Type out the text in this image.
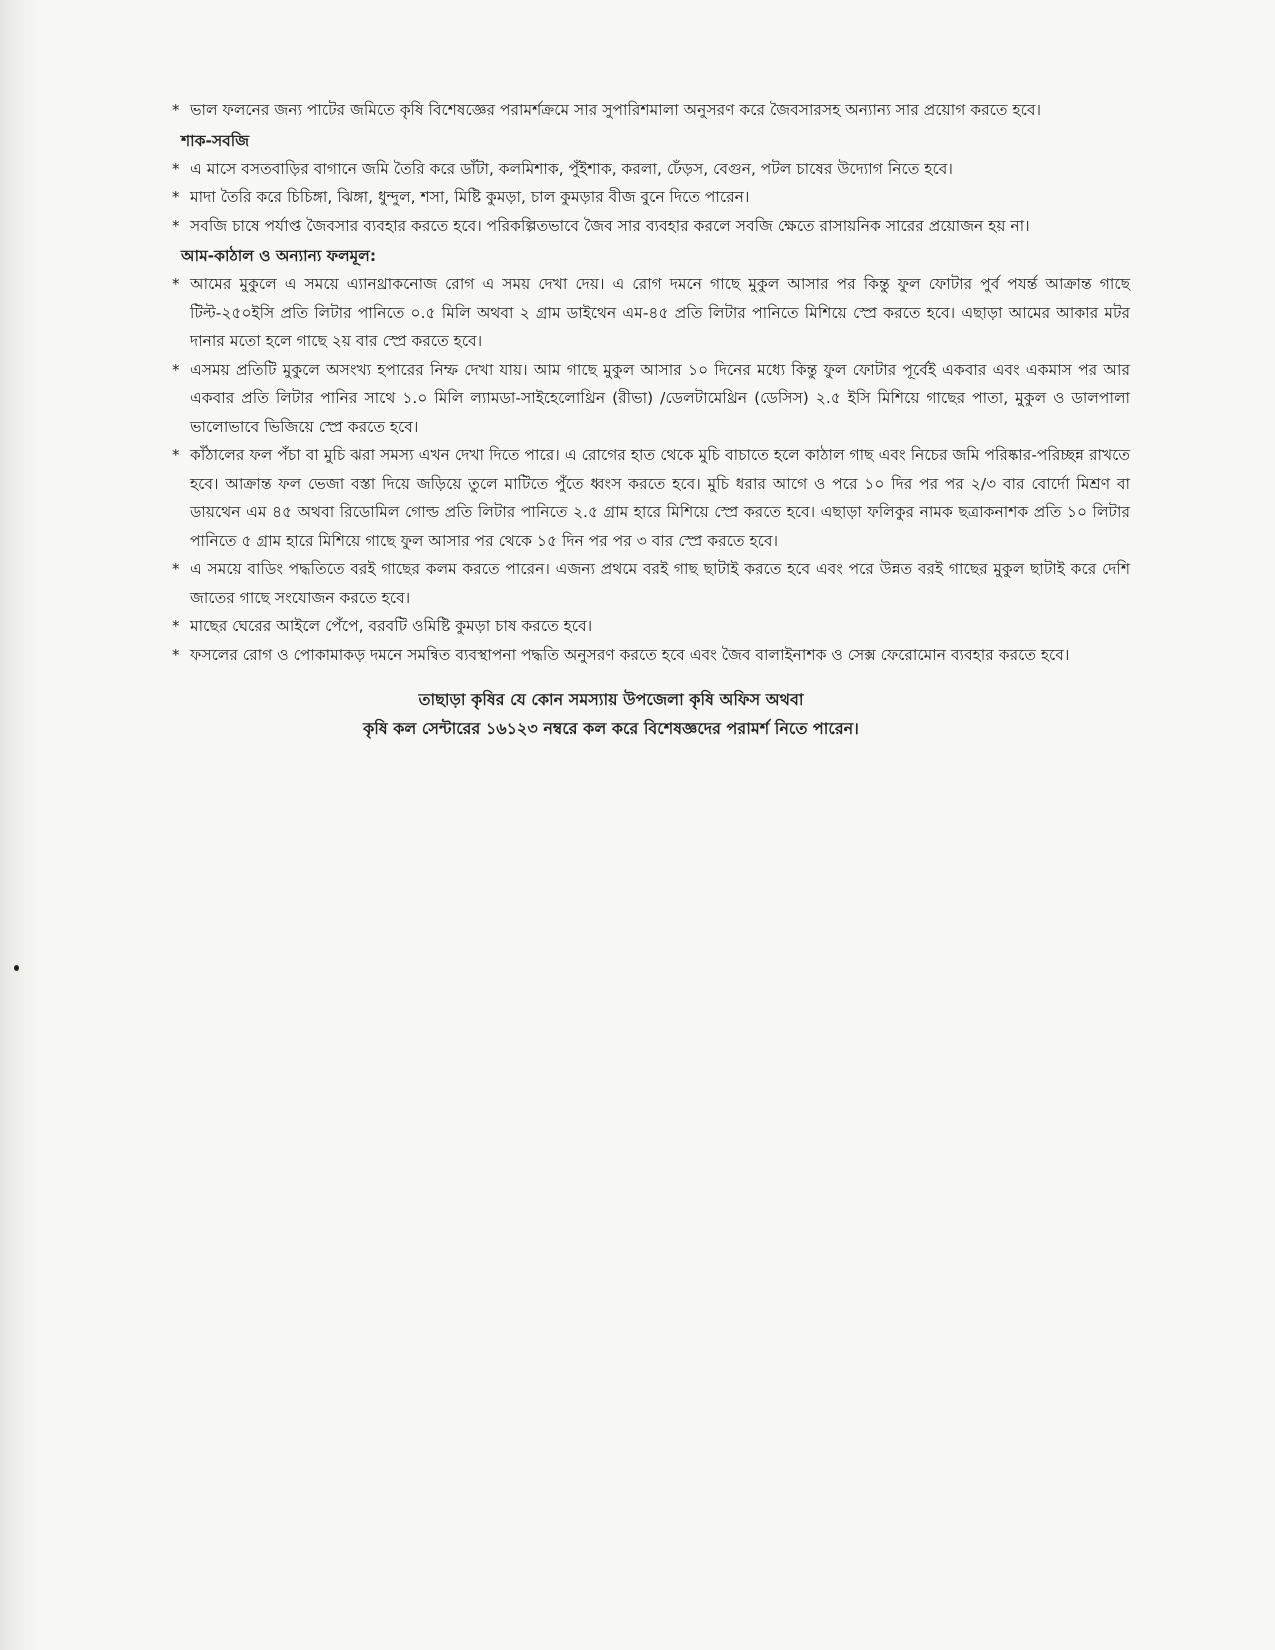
* ভাল ফলনের জন্য পাটের জমিতে কৃষি বিশেষজ্ঞের পরামর্শক্রমে সার সুপারিশমালা অনুসরণ করে জৈবসারসহ অন্যান্য সার প্রয়োগ করতে হবে।

শাক-সবজি

* এ মাসে বসতবাড়ির বাগানে জমি তৈরি করে ডাঁটা, কলমিশাক, পুঁইশাক, করলা, ঢেঁড়স, বেগুন, পটল চাষের উদ্যোগ নিতে হবে।

* মাদা তৈরি করে চিচিঙ্গা, ঝিঙ্গা, ধুন্দুল, শসা, মিষ্টি কুমড়া, চাল কুমড়ার বীজ বুনে দিতে পারেন।

* সবজি চাষে পর্যাপ্ত জৈবসার ব্যবহার করতে হবে। পরিকল্পিতভাবে জৈব সার ব্যবহার করলে সবজি ক্ষেতে রাসায়নিক সারের প্রয়োজন হয় না।

আম-কাঠাল ও অন্যান্য ফলমূল:

* আমের মুকুলে এ সময়ে এ্যানথ্রাকনোজ রোগ এ সময় দেখা দেয়। এ রোগ দমনে গাছে মুকুল আসার পর কিন্তু ফুল ফোটার পুর্ব পযর্ন্ত আক্রান্ত গাছে টিল্ট-২৫০ইসি প্রতি লিটার পানিতে ০.৫ মিলি অথবা ২ গ্রাম ডাইথেন এম-৪৫ প্রতি লিটার পানিতে মিশিয়ে স্প্রে করতে হবে। এছাড়া আমের আকার মটর দানার মতো হলে গাছে ২য় বার স্প্রে করতে হবে।

* এসময় প্রতিটি মুকুলে অসংখ্য হপারের নিম্ফ দেখা যায়। আম গাছে মুকুল আসার ১০ দিনের মধ্যে কিন্তু ফুল ফোটার পূর্বেই একবার এবং একমাস পর আর একবার প্রতি লিটার পানির সাথে ১.০ মিলি ল্যামডা-সাইহেলোথ্রিন (রীভা) /ডেলটামেথ্রিন (ডেসিস) ২.৫ ইসি মিশিয়ে গাছের পাতা, মুকুল ও ডালপালা ভালোভাবে ভিজিয়ে স্প্রে করতে হবে।

* কাঁঠালের ফল পঁচা বা মুচি ঝরা সমস্য এখন দেখা দিতে পারে। এ রোগের হাত থেকে মুচি বাচাতে হলে কাঠাল গাছ এবং নিচের জমি পরিষ্কার-পরিচ্ছন্ন রাখতে হবে। আক্রান্ত ফল ভেজা বস্তা দিয়ে জড়িয়ে তুলে মাটিতে পুঁতে ধ্বংস করতে হবে। মুচি ধরার আগে ও পরে ১০ দির পর পর ২/৩ বার বোর্দো মিশ্রণ বা ডায়থেন এম ৪৫ অথবা রিডোমিল গোল্ড প্রতি লিটার পানিতে ২.৫ গ্রাম হারে মিশিয়ে স্প্রে করতে হবে। এছাড়া ফলিকুর নামক ছত্রাকনাশক প্রতি ১০ লিটার পানিতে ৫ গ্রাম হারে মিশিয়ে গাছে ফুল আসার পর থেকে ১৫ দিন পর পর ৩ বার স্প্রে করতে হবে।

* এ সময়ে বাডিং পদ্ধতিতে বরই গাছের কলম করতে পারেন। এজন্য প্রথমে বরই গাছ ছাটাই করতে হবে এবং পরে উন্নত বরই গাছের মুকুল ছাটাই করে দেশি জাতের গাছে সংযোজন করতে হবে।

* মাছের ঘেরের আইলে পেঁপে, বরবটি ওমিষ্টি কুমড়া চাষ করতে হবে।

* ফসলের রোগ ও পোকামাকড় দমনে সমন্বিত ব্যবস্থাপনা পদ্ধতি অনুসরণ করতে হবে এবং জৈব বালাইনাশক ও সেক্স ফেরোমোন ব্যবহার করতে হবে।

তাছাড়া কৃষির যে কোন সমস্যায় উপজেলা কৃষি অফিস অথবা
কৃষি কল সেন্টারের ১৬১২৩ নম্বরে কল করে বিশেষজ্ঞদের পরামর্শ নিতে পারেন।
